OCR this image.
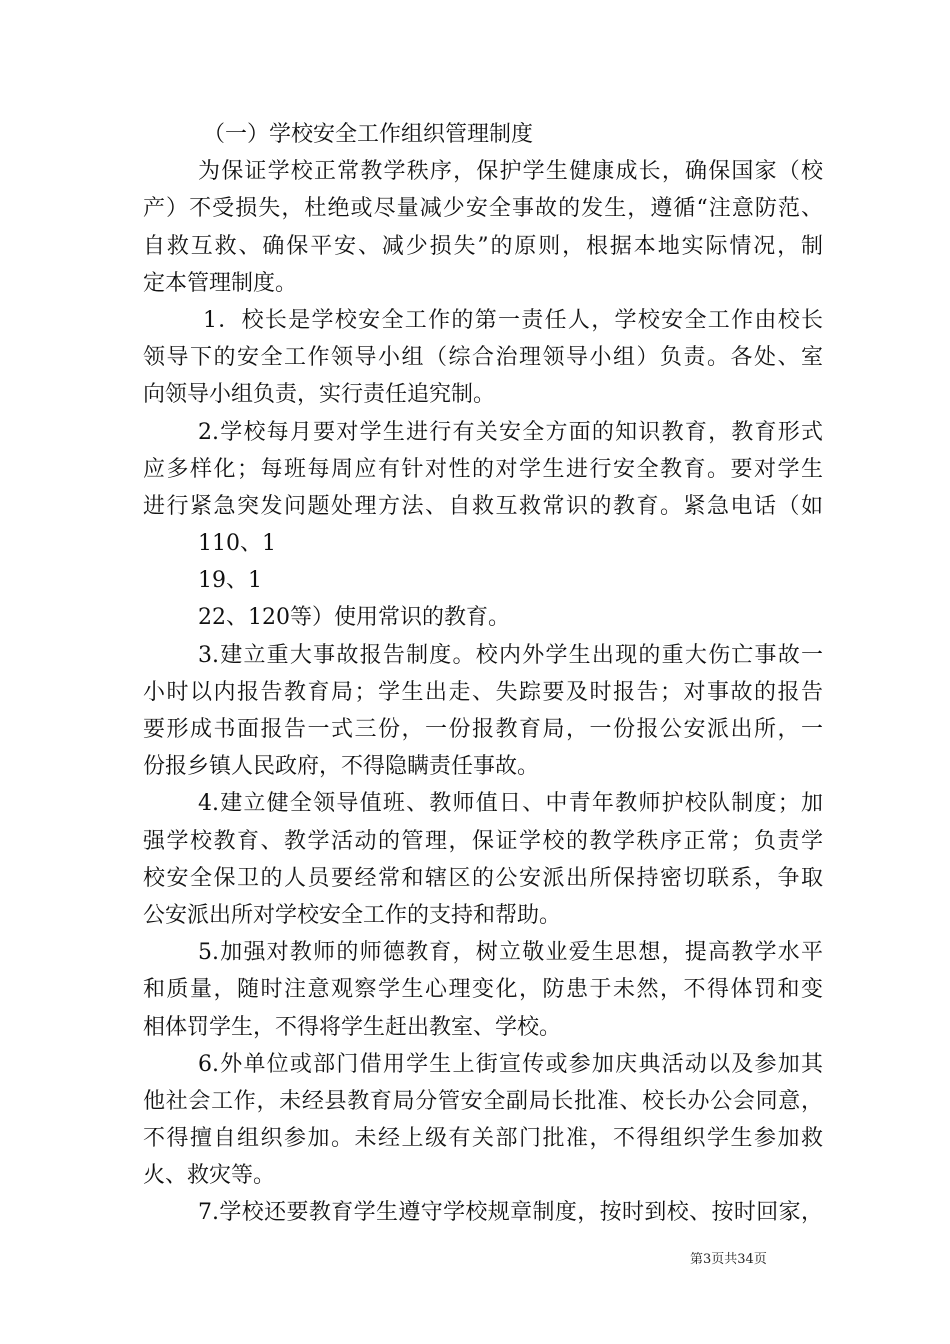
（一）学校安全工作组织管理制度
为保证学校正常教学秩序，保护学生健康成长，确保国家（校
产）不受损失，杜绝或尽量减少安全事故的发生，遵循“注意防范、
自救互救、确保平安、减少损失”的原则，根据本地实际情况，制
定本管理制度。
1．校长是学校安全工作的第一责任人，学校安全工作由校长
领导下的安全工作领导小组（综合治理领导小组）负责。各处、室
向领导小组负责，实行责任追究制。
2.学校每月要对学生进行有关安全方面的知识教育，教育形式
应多样化；每班每周应有针对性的对学生进行安全教育。要对学生
进行紧急突发问题处理方法、自救互救常识的教育。紧急电话（如
110、1
19、1
22、120等）使用常识的教育。
3.建立重大事故报告制度。校内外学生出现的重大伤亡事故一
小时以内报告教育局；学生出走、失踪要及时报告；对事故的报告
要形成书面报告一式三份，一份报教育局，一份报公安派出所，一
份报乡镇人民政府，不得隐瞒责任事故。
4.建立健全领导值班、教师值日、中青年教师护校队制度；加
强学校教育、教学活动的管理，保证学校的教学秩序正常；负责学
校安全保卫的人员要经常和辖区的公安派出所保持密切联系，争取
公安派出所对学校安全工作的支持和帮助。
5.加强对教师的师德教育，树立敬业爱生思想，提高教学水平
和质量，随时注意观察学生心理变化，防患于未然，不得体罚和变
相体罚学生，不得将学生赶出教室、学校。
6.外单位或部门借用学生上街宣传或参加庆典活动以及参加其
他社会工作，未经县教育局分管安全副局长批准、校长办公会同意，
不得擅自组织参加。未经上级有关部门批准，不得组织学生参加救
火、救灾等。
7.学校还要教育学生遵守学校规章制度，按时到校、按时回家，
第3页共34页
